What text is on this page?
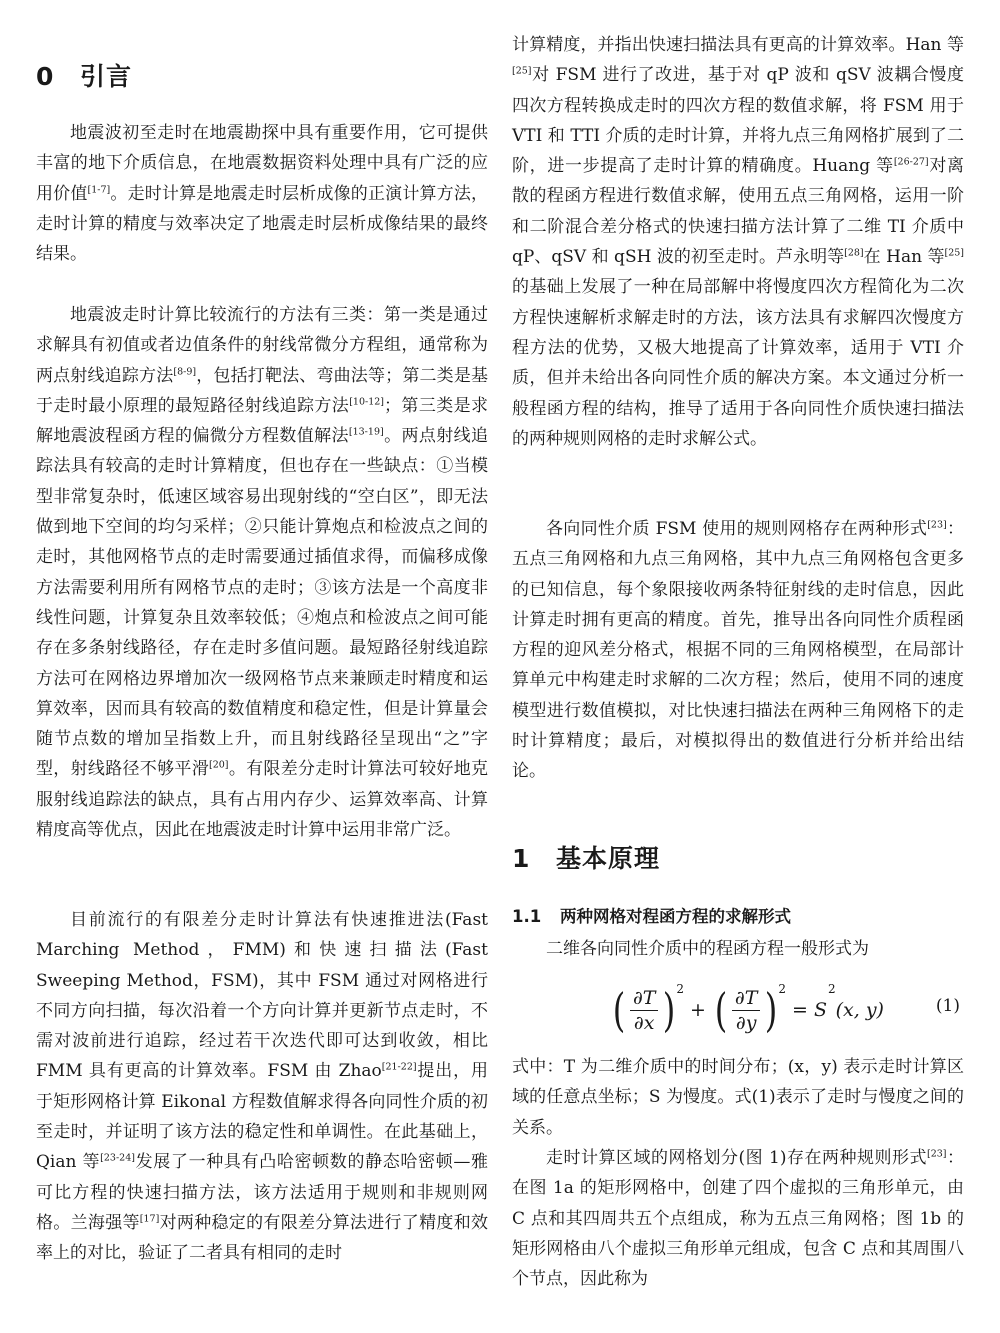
0 引言

地震波初至走时在地震勘探中具有重要作用，它可提供丰富的地下介质信息，在地震数据资料处理中具有广泛的应用价值[1-7]。走时计算是地震走时层析成像的正演计算方法，走时计算的精度与效率决定了地震走时层析成像结果的最终结果。

地震波走时计算比较流行的方法有三类：第一类是通过求解具有初值或者边值条件的射线常微分方程组，通常称为两点射线追踪方法[8-9]，包括打靶法、弯曲法等；第二类是基于走时最小原理的最短路径射线追踪方法[10-12]；第三类是求解地震波程函方程的偏微分方程数值解法[13-19]。两点射线追踪法具有较高的走时计算精度，但也存在一些缺点：①当模型非常复杂时，低速区域容易出现射线的“空白区”，即无法做到地下空间的均匀采样；②只能计算炮点和检波点之间的走时，其他网格节点的走时需要通过插值求得，而偏移成像方法需要利用所有网格节点的走时；③该方法是一个高度非线性问题，计算复杂且效率较低；④炮点和检波点之间可能存在多条射线路径，存在走时多值问题。最短路径射线追踪方法可在网格边界增加次一级网格节点来兼顾走时精度和运算效率，因而具有较高的数值精度和稳定性，但是计算量会随节点数的增加呈指数上升，而且射线路径呈现出“之”字型，射线路径不够平滑[20]。有限差分走时计算法可较好地克服射线追踪法的缺点，具有占用内存少、运算效率高、计算精度高等优点，因此在地震波走时计算中运用非常广泛。

目前流行的有限差分走时计算法有快速推进法(Fast Marching Method，FMM)和快速扫描法(Fast Sweeping Method，FSM)，其中 FSM 通过对网格进行不同方向扫描，每次沿着一个方向计算并更新节点走时，不需对波前进行追踪，经过若干次迭代即可达到收敛，相比 FMM 具有更高的计算效率。FSM 由 Zhao[21-22]提出，用于矩形网格计算 Eikonal 方程数值解求得各向同性介质的初至走时，并证明了该方法的稳定性和单调性。在此基础上，Qian 等[23-24]发展了一种具有凸哈密顿数的静态哈密顿—雅可比方程的快速扫描方法，该方法适用于规则和非规则网格。兰海强等[17]对两种稳定的有限差分算法进行了精度和效率上的对比，验证了二者具有相同的走时

计算精度，并指出快速扫描法具有更高的计算效率。Han 等[25]对 FSM 进行了改进，基于对 qP 波和 qSV 波耦合慢度四次方程转换成走时的四次方程的数值求解，将 FSM 用于 VTI 和 TTI 介质的走时计算，并将九点三角网格扩展到了二阶，进一步提高了走时计算的精确度。Huang 等[26-27]对离散的程函方程进行数值求解，使用五点三角网格，运用一阶和二阶混合差分格式的快速扫描方法计算了二维 TI 介质中 qP、qSV 和 qSH 波的初至走时。芦永明等[28]在 Han 等[25]的基础上发展了一种在局部解中将慢度四次方程简化为二次方程快速解析求解走时的方法，该方法具有求解四次慢度方程方法的优势，又极大地提高了计算效率，适用于 VTI 介质，但并未给出各向同性介质的解决方案。本文通过分析一般程函方程的结构，推导了适用于各向同性介质快速扫描法的两种规则网格的走时求解公式。

各向同性介质 FSM 使用的规则网格存在两种形式[23]：五点三角网格和九点三角网格，其中九点三角网格包含更多的已知信息，每个象限接收两条特征射线的走时信息，因此计算走时拥有更高的精度。首先，推导出各向同性介质程函方程的迎风差分格式，根据不同的三角网格模型，在局部计算单元中构建走时求解的二次方程；然后，使用不同的速度模型进行数值模拟，对比快速扫描法在两种三角网格下的走时计算精度；最后，对模拟得出的数值进行分析并给出结论。

1 基本原理
1.1 两种网格对程函方程的求解形式

二维各向同性介质中的程函方程一般形式为

( $\frac{\partial T}{\partial x}$ ) 2
+ ( $\frac{\partial T}{\partial y}$ ) 2
= S
2
(x, y)	(1)

式中：T 为二维介质中的时间分布；(x，y) 表示走时计算区域的任意点坐标；S 为慢度。式(1)表示了走时与慢度之间的关系。

走时计算区域的网格划分(图 1)存在两种规则形式[23]：在图 1a 的矩形网格中，创建了四个虚拟的三角形单元，由 C 点和其四周共五个点组成，称为五点三角网格；图 1b 的矩形网格由八个虚拟三角形单元组成，包含 C 点和其周围八个节点，因此称为
